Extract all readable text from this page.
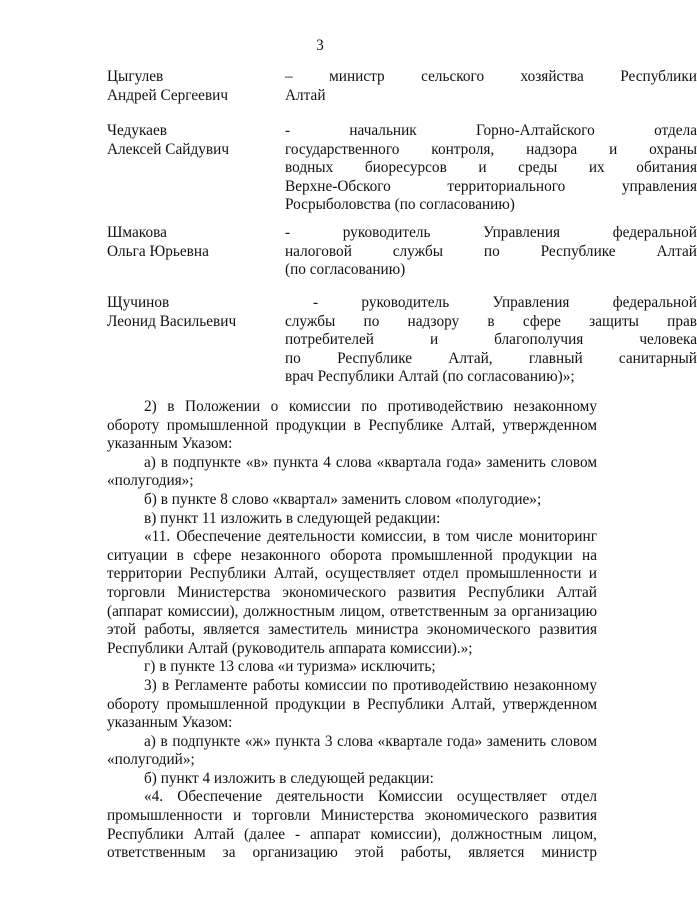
3
Цыгулев
Андрей Сергеевич
– министр сельского хозяйства Республики
Алтай
Чедукаев
Алексей Сайдувич
- начальник Горно-Алтайского отдела
государственного контроля, надзора и охраны
водных биоресурсов и среды их обитания
Верхне-Обского территориального управления
Росрыболовства (по согласованию)
Шмакова
Ольга Юрьевна
- руководитель Управления федеральной
налоговой службы по Республике Алтай
(по согласованию)
Щучинов
Леонид Васильевич
- руководитель Управления федеральной
службы по надзору в сфере защиты прав
потребителей и благополучия человека
по Республике Алтай, главный санитарный
врач Республики Алтай (по согласованию)»;
2) в Положении о комиссии по противодействию незаконному
обороту промышленной продукции в Республике Алтай, утвержденном
указанным Указом:
а) в подпункте «в» пункта 4 слова «квартала года» заменить словом
«полугодия»;
б) в пункте 8 слово «квартал» заменить словом «полугодие»;
в) пункт 11 изложить в следующей редакции:
«11. Обеспечение деятельности комиссии, в том числе мониторинг
ситуации в сфере незаконного оборота промышленной продукции на
территории Республики Алтай, осуществляет отдел промышленности и
торговли Министерства экономического развития Республики Алтай
(аппарат комиссии), должностным лицом, ответственным за организацию
этой работы, является заместитель министра экономического развития
Республики Алтай (руководитель аппарата комиссии).»;
г) в пункте 13 слова «и туризма» исключить;
3) в Регламенте работы комиссии по противодействию незаконному
обороту промышленной продукции в Республики Алтай, утвержденном
указанным Указом:
а) в подпункте «ж» пункта 3 слова «квартале года» заменить словом
«полугодий»;
б) пункт 4 изложить в следующей редакции:
«4. Обеспечение деятельности Комиссии осуществляет отдел
промышленности и торговли Министерства экономического развития
Республики Алтай (далее - аппарат комиссии), должностным лицом,
ответственным за организацию этой работы, является министр
